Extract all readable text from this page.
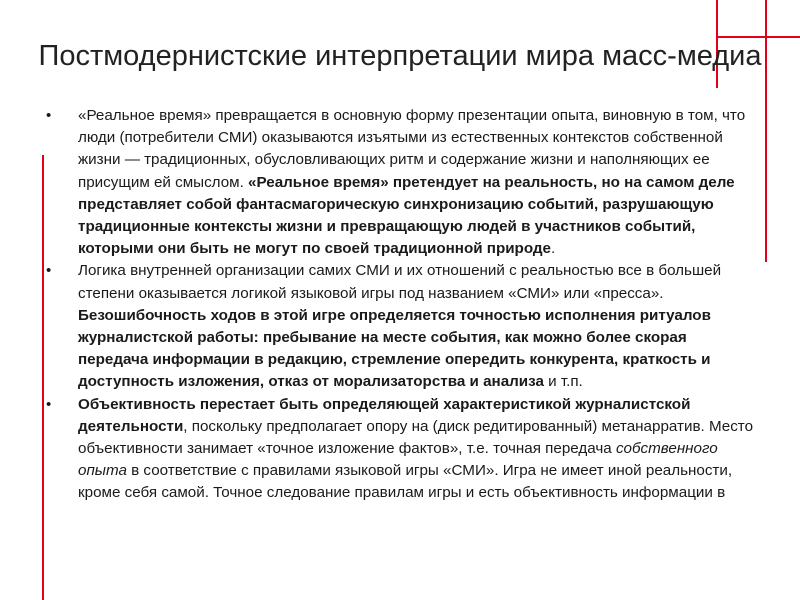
Постмодернистские интерпретации мира масс-медиа
• «Реальное время» превращается в основную форму презентации опыта, виновную в том, что люди (потребители СМИ) оказываются изъятыми из естественных контекстов собственной жизни — традиционных, обусловливающих ритм и содержание жизни и наполняющих ее присущим ей смыслом. «Реальное время» претендует на реальность, но на самом деле представляет собой фантасмагорическую синхронизацию событий, разрушающую традиционные контексты жизни и превращающую людей в участников событий, которыми они быть не могут по своей традиционной природе.
• Логика внутренней организации самих СМИ и их отношений с реальностью все в большей степени оказывается логикой языковой игры под названием «СМИ» или «пресса». Безошибочность ходов в этой игре определяется точностью исполнения ритуалов журналистской работы: пребывание на месте события, как можно более скорая передача информации в редакцию, стремление опередить конкурента, краткость и доступность изложения, отказ от морализаторства и анализа и т.п.
• Объективность перестает быть определяющей характеристикой журналистской деятельности, поскольку предполагает опору на (диск редитированный) метанарратив. Место объективности занимает «точное изложение фактов», т.е. точная передача собственного опыта в соответствие с правилами языковой игры «СМИ». Игра не имеет иной реальности, кроме себя самой. Точное следование правилам игры и есть объективность информации в
